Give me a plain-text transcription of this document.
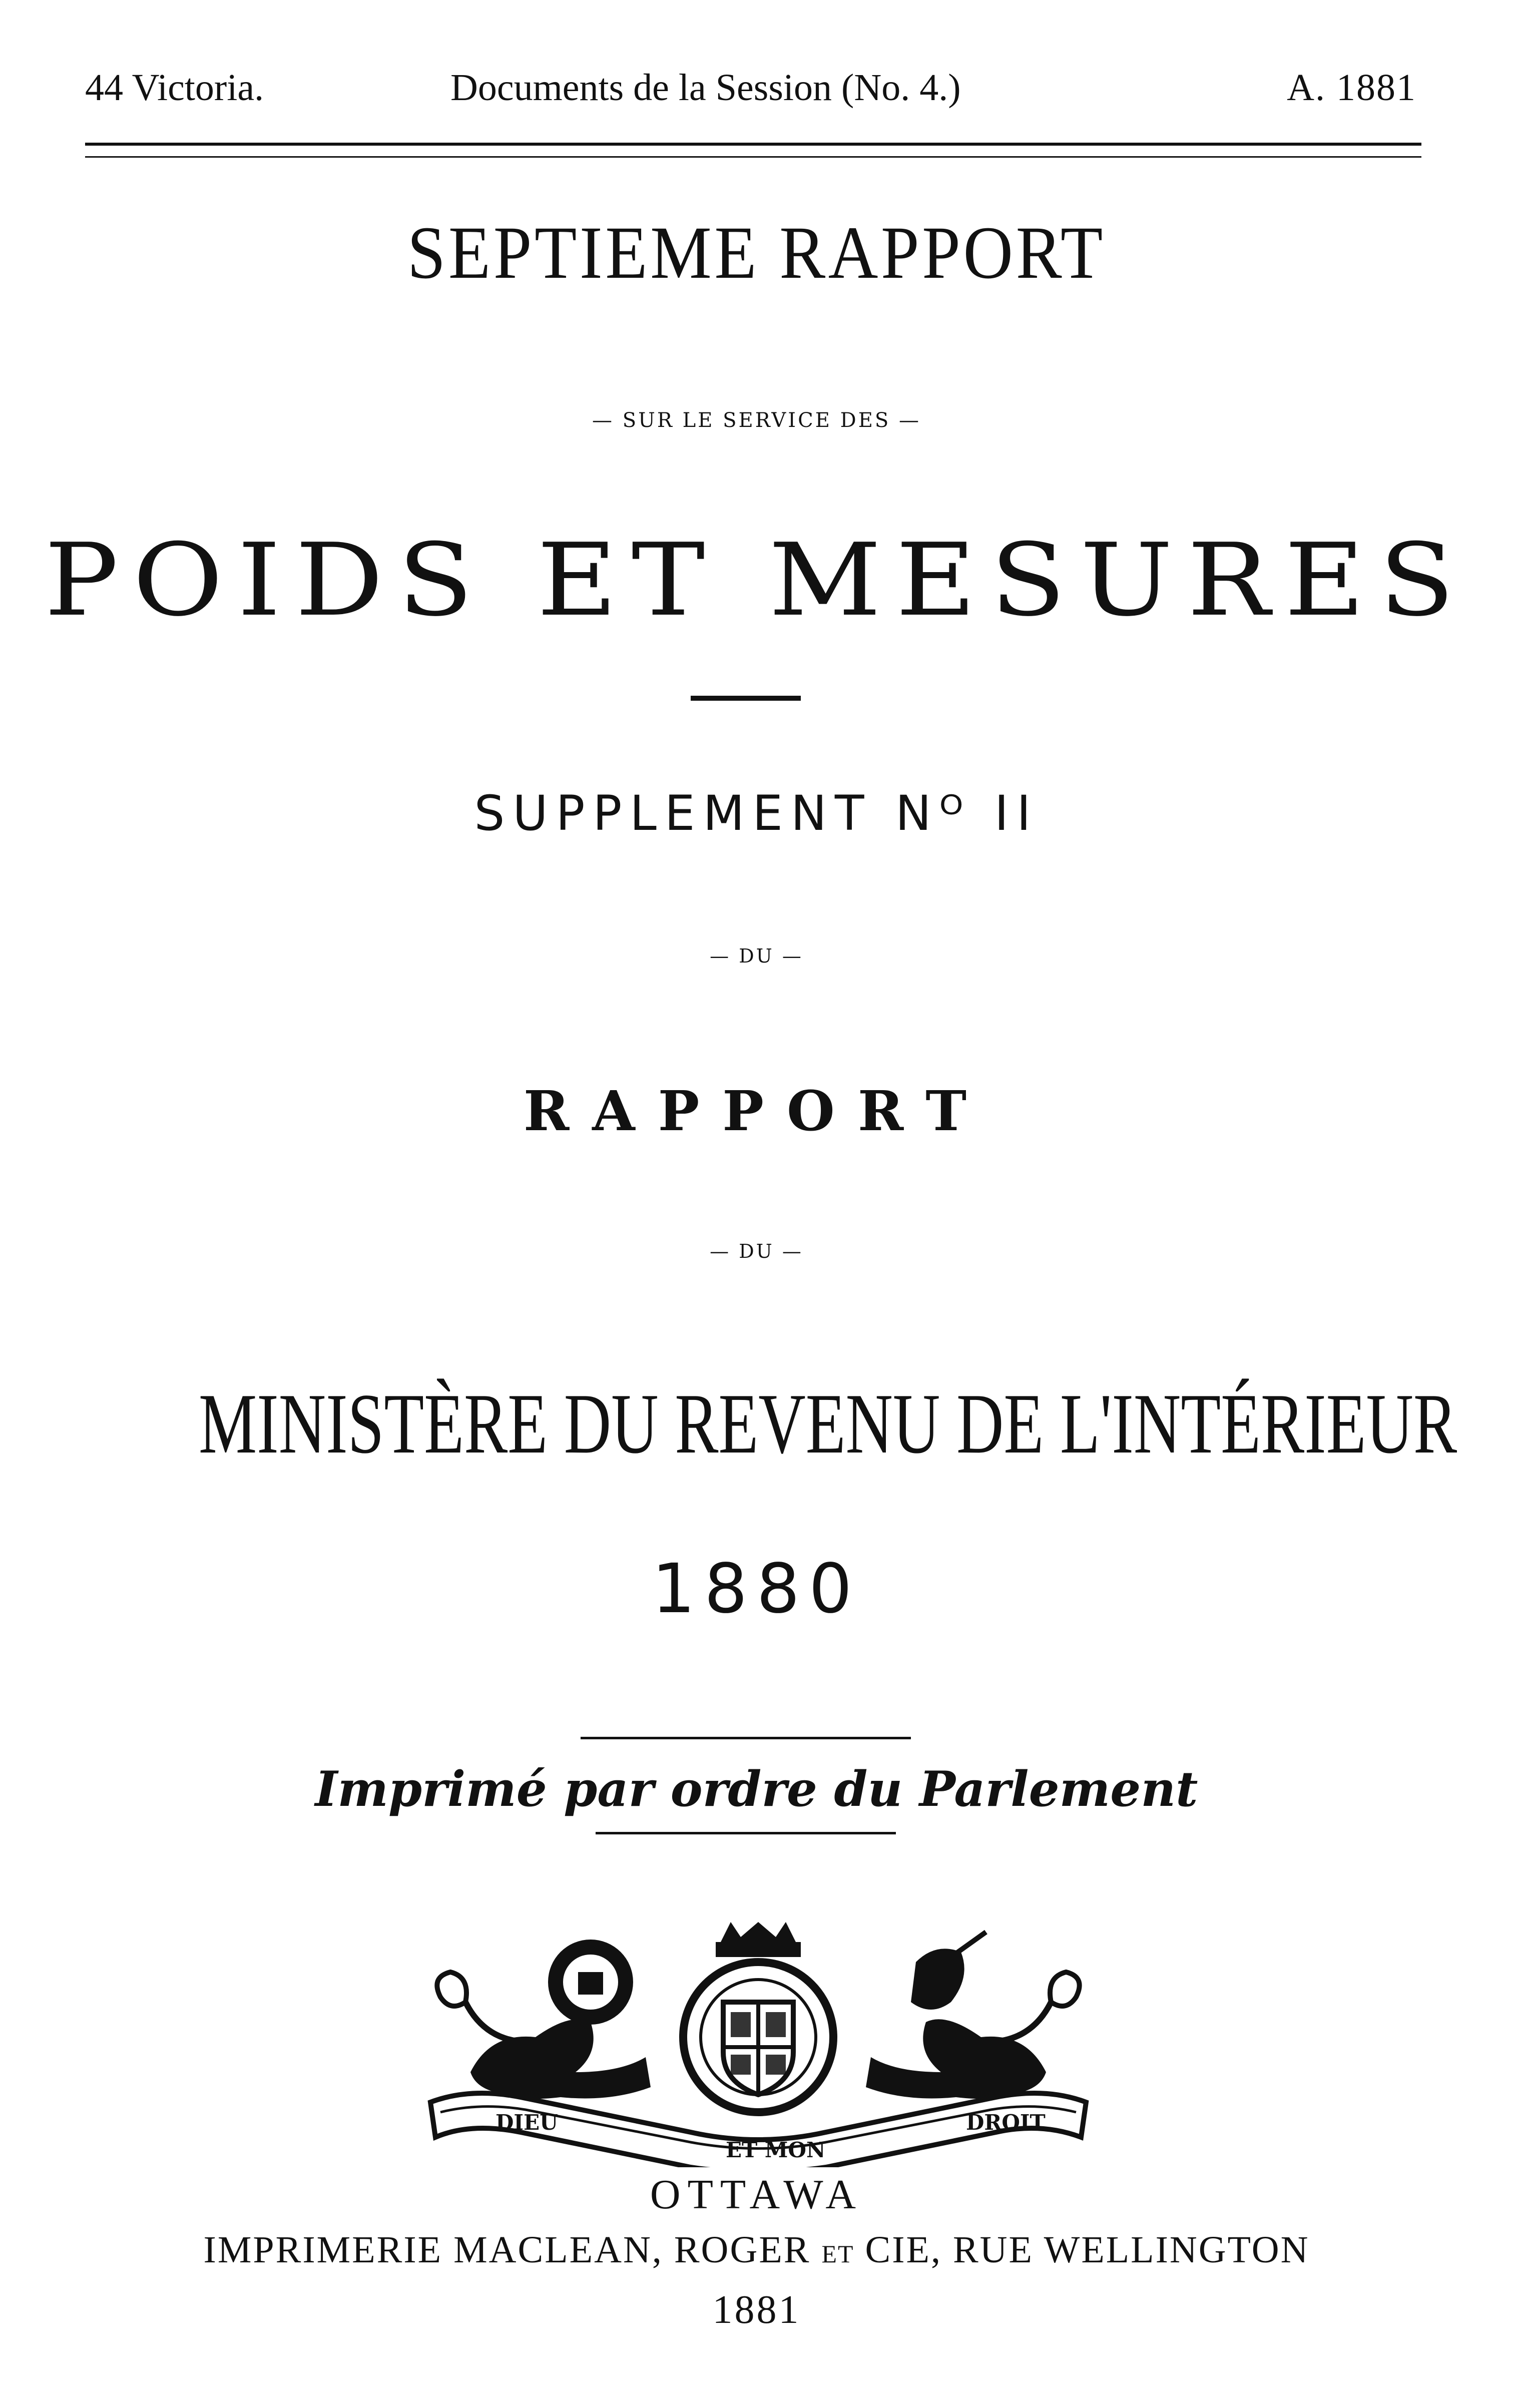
44 Victoria.	Documents de la Session (No. 4.)	A. 1881
SEPTIEME RAPPORT
— SUR LE SERVICE DES —
POIDS ET MESURES
SUPPLEMENT Nᴼ II
— DU —
RAPPORT
— DU —
MINISTÈRE DU REVENU DE L'INTÉRIEUR
1880
Imprimé par ordre du Parlement
DIEU
ET MON
DROIT
OTTAWA
IMPRIMERIE MACLEAN, ROGER ET CIE, RUE WELLINGTON
1881
